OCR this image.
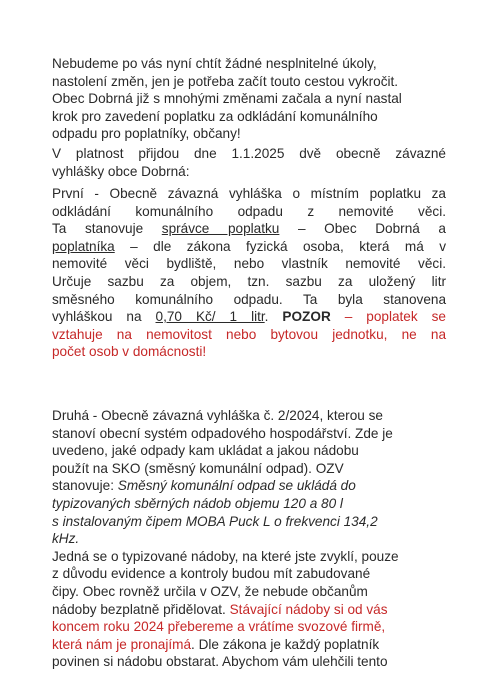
Nebudeme po vás nyní chtít žádné nesplnitelné úkoly,
nastolení změn, jen je potřeba začít touto cestou vykročit.
Obec Dobrná již s mnohými změnami začala a nyní nastal
krok pro zavedení poplatku za odkládání komunálního
odpadu pro poplatníky, občany!
V platnost přijdou dne 1.1.2025 dvě obecně závazné
vyhlášky obce Dobrná:
První - Obecně závazná vyhláška o místním poplatku za
odkládání komunálního odpadu z nemovité věci.
Ta stanovuje správce poplatku – Obec Dobrná a
poplatníka – dle zákona fyzická osoba, která má v
nemovité věci bydliště, nebo vlastník nemovité věci.
Určuje sazbu za objem, tzn. sazbu za uložený litr
směsného komunálního odpadu. Ta byla stanovena
vyhláškou na 0,70 Kč/ 1 litr. POZOR – poplatek se
vztahuje na nemovitost nebo bytovou jednotku, ne na
počet osob v domácnosti!
Druhá - Obecně závazná vyhláška č. 2/2024, kterou se
stanoví obecní systém odpadového hospodářství. Zde je
uvedeno, jaké odpady kam ukládat a jakou nádobu
použít na SKO (směsný komunální odpad). OZV
stanovuje: Směsný komunální odpad se ukládá do
typizovaných sběrných nádob objemu 120 a 80 l
s instalovaným čipem MOBA Puck L o frekvenci 134,2
kHz.
Jedná se o typizované nádoby, na které jste zvyklí, pouze
z důvodu evidence a kontroly budou mít zabudované
čipy. Obec rovněž určila v OZV, že nebude občanům
nádoby bezplatně přidělovat. Stávající nádoby si od vás
koncem roku 2024 přebereme a vrátíme svozové firmě,
která nám je pronajímá. Dle zákona je každý poplatník
povinen si nádobu obstarat. Abychom vám ulehčili tento
